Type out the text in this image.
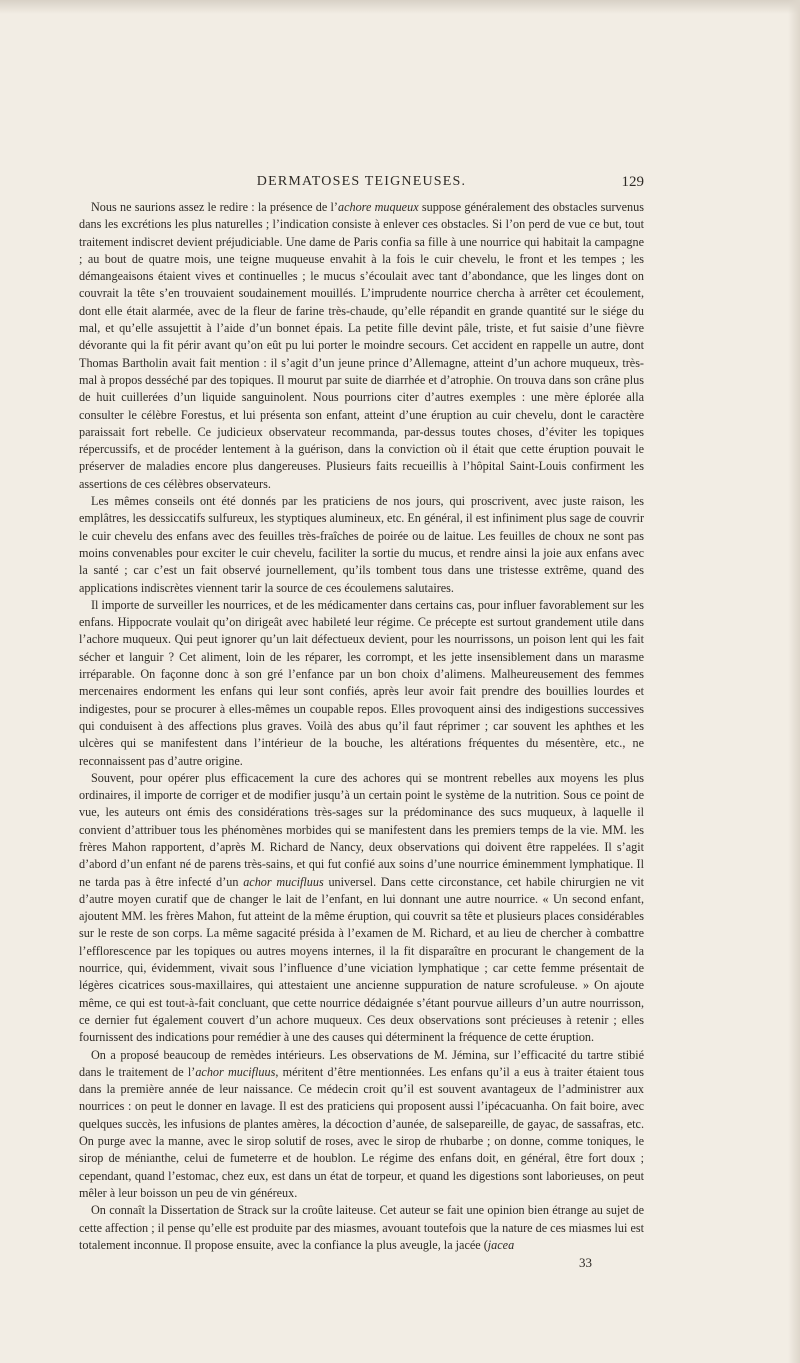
DERMATOSES TEIGNEUSES.	129

Nous ne saurions assez le redire : la présence de l’achore muqueux suppose généralement des obstacles survenus dans les excrétions les plus naturelles ; l’indication consiste à enlever ces obstacles. Si l’on perd de vue ce but, tout traitement indiscret devient préjudiciable. Une dame de Paris confia sa fille à une nourrice qui habitait la campagne ; au bout de quatre mois, une teigne muqueuse envahit à la fois le cuir chevelu, le front et les tempes ; les démangeaisons étaient vives et continuelles ; le mucus s’écoulait avec tant d’abondance, que les linges dont on couvrait la tête s’en trouvaient soudainement mouillés. L’imprudente nourrice chercha à arrêter cet écoulement, dont elle était alarmée, avec de la fleur de farine très-chaude, qu’elle répandit en grande quantité sur le siége du mal, et qu’elle assujettit à l’aide d’un bonnet épais. La petite fille devint pâle, triste, et fut saisie d’une fièvre dévorante qui la fit périr avant qu’on eût pu lui porter le moindre secours. Cet accident en rappelle un autre, dont Thomas Bartholin avait fait mention : il s’agit d’un jeune prince d’Allemagne, atteint d’un achore muqueux, très-mal à propos desséché par des topiques. Il mourut par suite de diarrhée et d’atrophie. On trouva dans son crâne plus de huit cuillerées d’un liquide sanguinolent. Nous pourrions citer d’autres exemples : une mère éplorée alla consulter le célèbre Forestus, et lui présenta son enfant, atteint d’une éruption au cuir chevelu, dont le caractère paraissait fort rebelle. Ce judicieux observateur recommanda, par-dessus toutes choses, d’éviter les topiques répercussifs, et de procéder lentement à la guérison, dans la conviction où il était que cette éruption pouvait le préserver de maladies encore plus dangereuses. Plusieurs faits recueillis à l’hôpital Saint-Louis confirment les assertions de ces célèbres observateurs.

Les mêmes conseils ont été donnés par les praticiens de nos jours, qui proscrivent, avec juste raison, les emplâtres, les dessiccatifs sulfureux, les styptiques alumineux, etc. En général, il est infiniment plus sage de couvrir le cuir chevelu des enfans avec des feuilles très-fraîches de poirée ou de laitue. Les feuilles de choux ne sont pas moins convenables pour exciter le cuir chevelu, faciliter la sortie du mucus, et rendre ainsi la joie aux enfans avec la santé ; car c’est un fait observé journellement, qu’ils tombent tous dans une tristesse extrême, quand des applications indiscrètes viennent tarir la source de ces écoulemens salutaires.

Il importe de surveiller les nourrices, et de les médicamenter dans certains cas, pour influer favorablement sur les enfans. Hippocrate voulait qu’on dirigeât avec habileté leur régime. Ce précepte est surtout grandement utile dans l’achore muqueux. Qui peut ignorer qu’un lait défectueux devient, pour les nourrissons, un poison lent qui les fait sécher et languir ? Cet aliment, loin de les réparer, les corrompt, et les jette insensiblement dans un marasme irréparable. On façonne donc à son gré l’enfance par un bon choix d’alimens. Malheureusement des femmes mercenaires endorment les enfans qui leur sont confiés, après leur avoir fait prendre des bouillies lourdes et indigestes, pour se procurer à elles-mêmes un coupable repos. Elles provoquent ainsi des indigestions successives qui conduisent à des affections plus graves. Voilà des abus qu’il faut réprimer ; car souvent les aphthes et les ulcères qui se manifestent dans l’intérieur de la bouche, les altérations fréquentes du mésentère, etc., ne reconnaissent pas d’autre origine.

Souvent, pour opérer plus efficacement la cure des achores qui se montrent rebelles aux moyens les plus ordinaires, il importe de corriger et de modifier jusqu’à un certain point le système de la nutrition. Sous ce point de vue, les auteurs ont émis des considérations très-sages sur la prédominance des sucs muqueux, à laquelle il convient d’attribuer tous les phénomènes morbides qui se manifestent dans les premiers temps de la vie. MM. les frères Mahon rapportent, d’après M. Richard de Nancy, deux observations qui doivent être rappelées. Il s’agit d’abord d’un enfant né de parens très-sains, et qui fut confié aux soins d’une nourrice éminemment lymphatique. Il ne tarda pas à être infecté d’un achor mucifluus universel. Dans cette circonstance, cet habile chirurgien ne vit d’autre moyen curatif que de changer le lait de l’enfant, en lui donnant une autre nourrice. « Un second enfant, ajoutent MM. les frères Mahon, fut atteint de la même éruption, qui couvrit sa tête et plusieurs places considérables sur le reste de son corps. La même sagacité présida à l’examen de M. Richard, et au lieu de chercher à combattre l’efflorescence par les topiques ou autres moyens internes, il la fit disparaître en procurant le changement de la nourrice, qui, évidemment, vivait sous l’influence d’une viciation lymphatique ; car cette femme présentait de légères cicatrices sous-maxillaires, qui attestaient une ancienne suppuration de nature scrofuleuse. » On ajoute même, ce qui est tout-à-fait concluant, que cette nourrice dédaignée s’étant pourvue ailleurs d’un autre nourrisson, ce dernier fut également couvert d’un achore muqueux. Ces deux observations sont précieuses à retenir ; elles fournissent des indications pour remédier à une des causes qui déterminent la fréquence de cette éruption.

On a proposé beaucoup de remèdes intérieurs. Les observations de M. Jémina, sur l’efficacité du tartre stibié dans le traitement de l’achor mucifluus, méritent d’être mentionnées. Les enfans qu’il a eus à traiter étaient tous dans la première année de leur naissance. Ce médecin croit qu’il est souvent avantageux de l’administrer aux nourrices : on peut le donner en lavage. Il est des praticiens qui proposent aussi l’ipécacuanha. On fait boire, avec quelques succès, les infusions de plantes amères, la décoction d’aunée, de salsepareille, de gayac, de sassafras, etc. On purge avec la manne, avec le sirop solutif de roses, avec le sirop de rhubarbe ; on donne, comme toniques, le sirop de ménianthe, celui de fumeterre et de houblon. Le régime des enfans doit, en général, être fort doux ; cependant, quand l’estomac, chez eux, est dans un état de torpeur, et quand les digestions sont laborieuses, on peut mêler à leur boisson un peu de vin généreux.

On connaît la Dissertation de Strack sur la croûte laiteuse. Cet auteur se fait une opinion bien étrange au sujet de cette affection ; il pense qu’elle est produite par des miasmes, avouant toutefois que la nature de ces miasmes lui est totalement inconnue. Il propose ensuite, avec la confiance la plus aveugle, la jacée (jacea

33
